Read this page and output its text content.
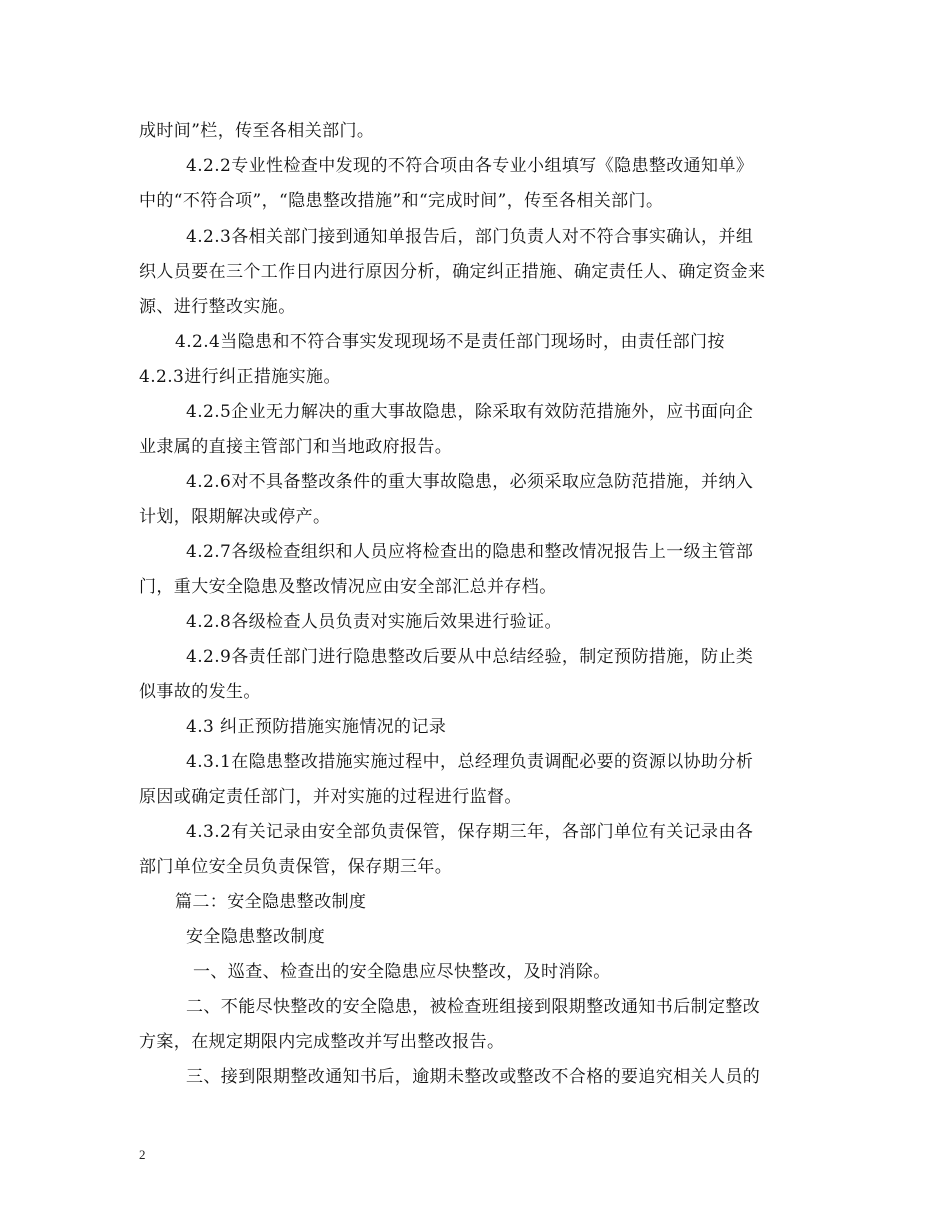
成时间”栏，传至各相关部门。
4.2.2专业性检查中发现的不符合项由各专业小组填写《隐患整改通知单》
中的“不符合项”，“隐患整改措施”和“完成时间”，传至各相关部门。
4.2.3各相关部门接到通知单报告后，部门负责人对不符合事实确认，并组
织人员要在三个工作日内进行原因分析，确定纠正措施、确定责任人、确定资金来
源、进行整改实施。
4.2.4当隐患和不符合事实发现现场不是责任部门现场时，由责任部门按
4.2.3进行纠正措施实施。
4.2.5企业无力解决的重大事故隐患，除采取有效防范措施外，应书面向企
业隶属的直接主管部门和当地政府报告。
4.2.6对不具备整改条件的重大事故隐患，必须采取应急防范措施，并纳入
计划，限期解决或停产。
4.2.7各级检查组织和人员应将检查出的隐患和整改情况报告上一级主管部
门，重大安全隐患及整改情况应由安全部汇总并存档。
4.2.8各级检查人员负责对实施后效果进行验证。
4.2.9各责任部门进行隐患整改后要从中总结经验，制定预防措施，防止类
似事故的发生。
4.3 纠正预防措施实施情况的记录
4.3.1在隐患整改措施实施过程中，总经理负责调配必要的资源以协助分析
原因或确定责任部门，并对实施的过程进行监督。
4.3.2有关记录由安全部负责保管，保存期三年，各部门单位有关记录由各
部门单位安全员负责保管，保存期三年。
篇二：安全隐患整改制度
安全隐患整改制度
一、巡查、检查出的安全隐患应尽快整改，及时消除。
二、不能尽快整改的安全隐患，被检查班组接到限期整改通知书后制定整改
方案，在规定期限内完成整改并写出整改报告。
三、接到限期整改通知书后，逾期未整改或整改不合格的要追究相关人员的
2
